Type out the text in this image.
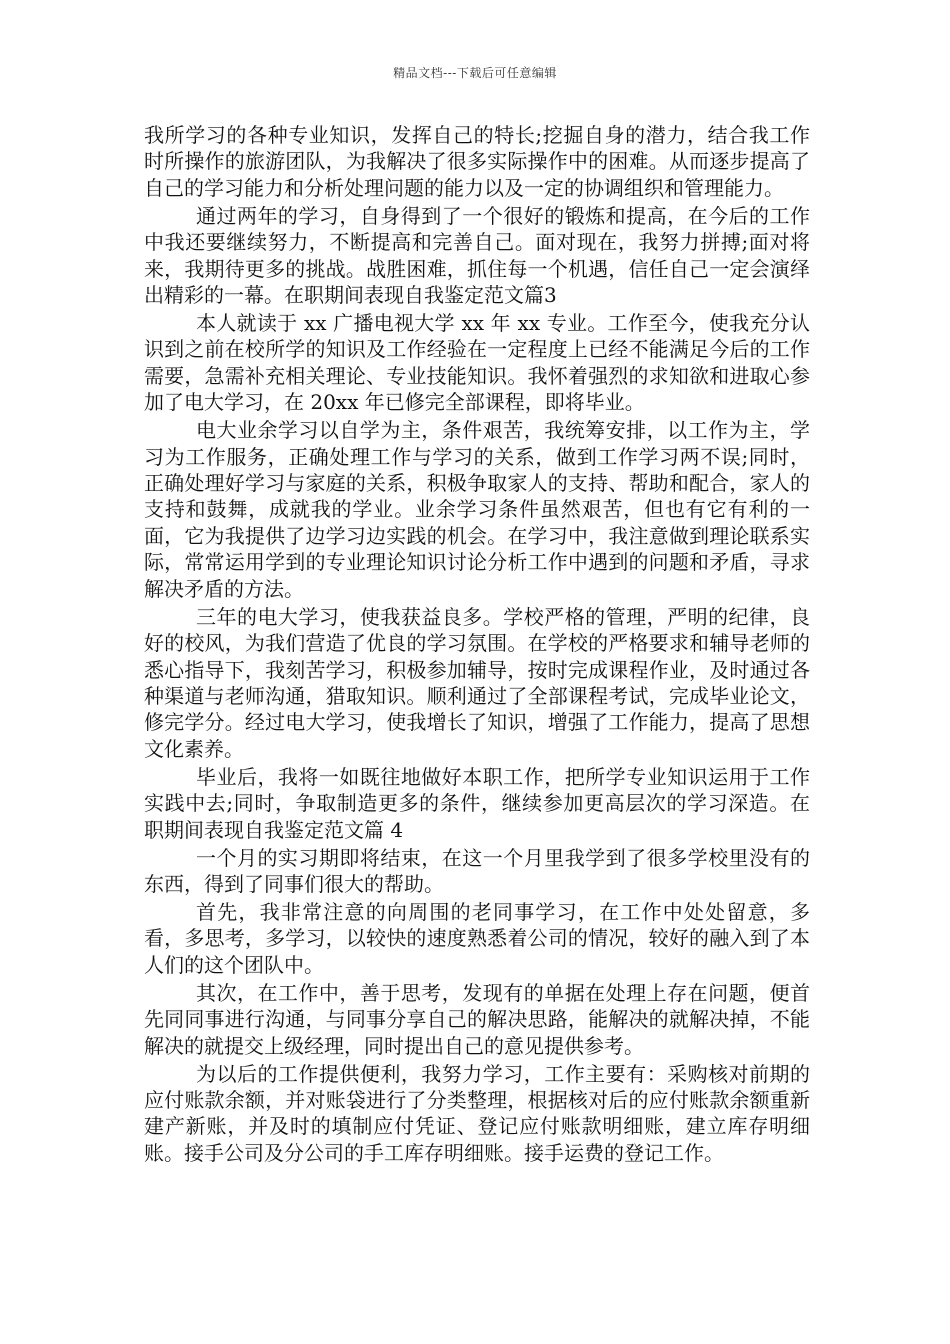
精品文档---下载后可任意编辑

我所学习的各种专业知识，发挥自己的特长;挖掘自身的潜力，结合我工作时所操作的旅游团队，为我解决了很多实际操作中的困难。从而逐步提高了自己的学习能力和分析处理问题的能力以及一定的协调组织和管理能力。

通过两年的学习，自身得到了一个很好的锻炼和提高，在今后的工作中我还要继续努力，不断提高和完善自己。面对现在，我努力拼搏;面对将来，我期待更多的挑战。战胜困难，抓住每一个机遇，信任自己一定会演绎出精彩的一幕。在职期间表现自我鉴定范文篇3

本人就读于 xx 广播电视大学 xx 年 xx 专业。工作至今，使我充分认识到之前在校所学的知识及工作经验在一定程度上已经不能满足今后的工作需要，急需补充相关理论、专业技能知识。我怀着强烈的求知欲和进取心参加了电大学习，在 20xx 年已修完全部课程，即将毕业。

电大业余学习以自学为主，条件艰苦，我统筹安排，以工作为主，学习为工作服务，正确处理工作与学习的关系，做到工作学习两不误;同时，正确处理好学习与家庭的关系，积极争取家人的支持、帮助和配合，家人的支持和鼓舞，成就我的学业。业余学习条件虽然艰苦，但也有它有利的一面，它为我提供了边学习边实践的机会。在学习中，我注意做到理论联系实际，常常运用学到的专业理论知识讨论分析工作中遇到的问题和矛盾，寻求解决矛盾的方法。

三年的电大学习，使我获益良多。学校严格的管理，严明的纪律，良好的校风，为我们营造了优良的学习氛围。在学校的严格要求和辅导老师的悉心指导下，我刻苦学习，积极参加辅导，按时完成课程作业，及时通过各种渠道与老师沟通，猎取知识。顺利通过了全部课程考试，完成毕业论文，修完学分。经过电大学习，使我增长了知识，增强了工作能力，提高了思想文化素养。

毕业后，我将一如既往地做好本职工作，把所学专业知识运用于工作实践中去;同时，争取制造更多的条件，继续参加更高层次的学习深造。在职期间表现自我鉴定范文篇 4

一个月的实习期即将结束，在这一个月里我学到了很多学校里没有的东西，得到了同事们很大的帮助。

首先，我非常注意的向周围的老同事学习，在工作中处处留意，多看，多思考，多学习，以较快的速度熟悉着公司的情况，较好的融入到了本人们的这个团队中。

其次，在工作中，善于思考，发现有的单据在处理上存在问题，便首先同同事进行沟通，与同事分享自己的解决思路，能解决的就解决掉，不能解决的就提交上级经理，同时提出自己的意见提供参考。

为以后的工作提供便利，我努力学习，工作主要有：采购核对前期的应付账款余额，并对账袋进行了分类整理，根据核对后的应付账款余额重新建产新账，并及时的填制应付凭证、登记应付账款明细账，建立库存明细账。接手公司及分公司的手工库存明细账。接手运费的登记工作。
